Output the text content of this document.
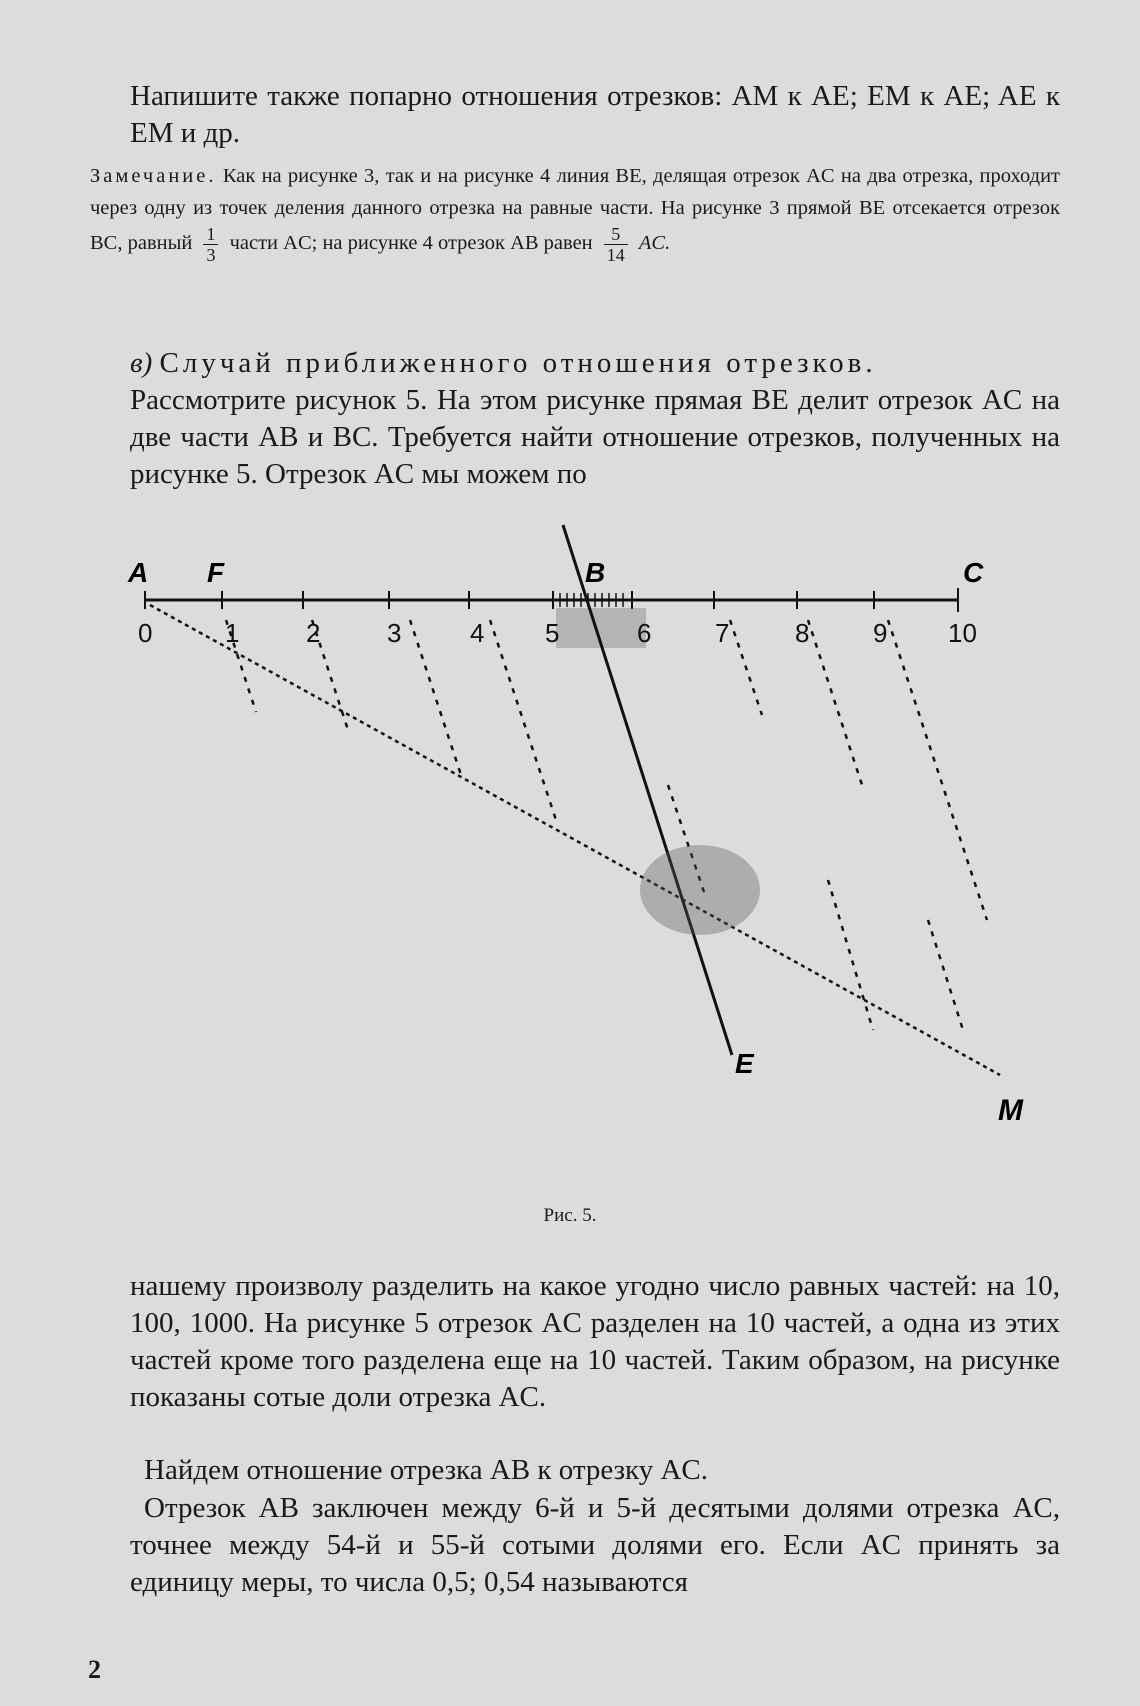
Напишите также попарно отношения отрезков: AM к AE; EM к AE; AE к EM и др.
Замечание. Как на рисунке 3, так и на рисунке 4 линия BE, делящая отрезок AC на два отрезка, проходит через одну из точек деления данного отрезка на равные части. На рисунке 3 прямой BE отсекается отрезок BC, равный $\frac{1}{3}$ части AC; на рисунке 4 отрезок AB равен $\frac{5}{14}$ AC.
в) Случай приближенного отношения отрезков.
Рассмотрите рисунок 5. На этом рисунке прямая BE делит отрезок AC на две части AB и BC. Требуется найти отношение отрезков, полученных на рисунке 5. Отрезок AC мы можем по
A F	B	C
E
M
0	1	2	3	4 5	6 7	8 9 10
Рис. 5.
нашему произволу разделить на какое угодно число равных частей: на 10, 100, 1000. На рисунке 5 отрезок AC разделен на 10 частей, а одна из этих частей кроме того разделена еще на 10 частей. Таким образом, на рисунке показаны сотые доли отрезка AC.
Найдем отношение отрезка AB к отрезку AC.
Отрезок AB заключен между 6-й и 5-й десятыми долями отрезка AC, точнее между 54-й и 55-й сотыми долями его. Если AC принять за единицу меры, то числа 0,5; 0,54 называются
2
